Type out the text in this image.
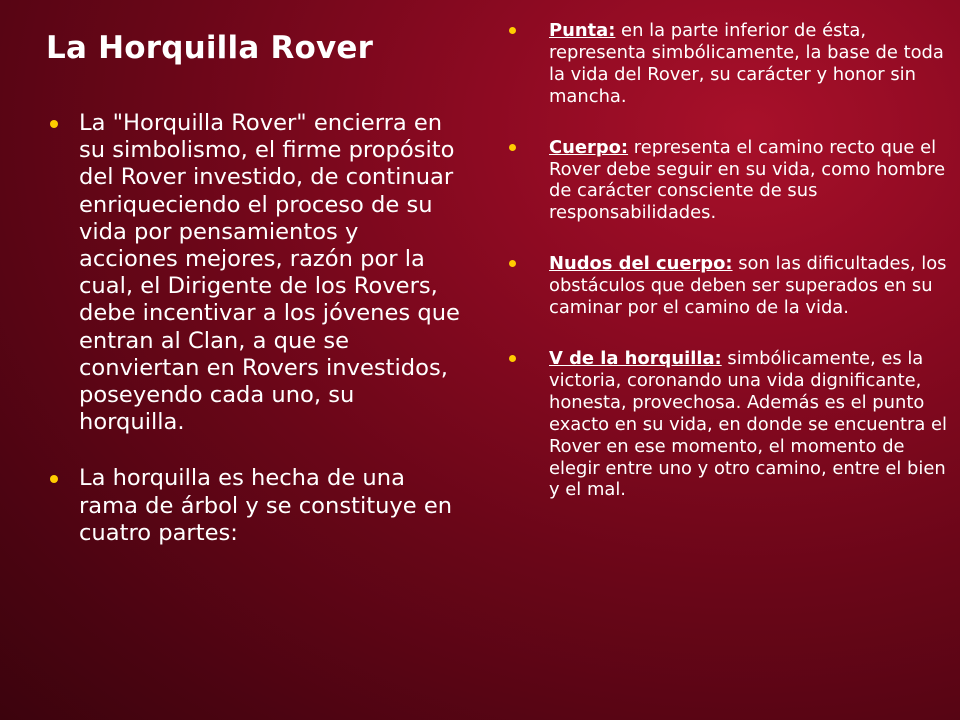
La Horquilla Rover
La "Horquilla Rover" encierra en su simbolismo, el firme propósito del Rover investido, de continuar enriqueciendo el proceso de su vida por pensamientos y acciones mejores, razón por la cual, el Dirigente de los Rovers, debe incentivar a los jóvenes que entran al Clan, a que se conviertan en Rovers investidos, poseyendo cada uno, su horquilla.
La horquilla es hecha de una rama de árbol y se constituye en cuatro partes:
Punta: en la parte inferior de ésta, representa simbólicamente, la base de toda la vida del Rover, su carácter y honor sin mancha.
Cuerpo: representa el camino recto que el Rover debe seguir en su vida, como hombre de carácter consciente de sus responsabilidades.
Nudos del cuerpo: son las dificultades, los obstáculos que deben ser superados en su caminar por el camino de la vida.
V de la horquilla: simbólicamente, es la victoria, coronando una vida dignificante, honesta, provechosa. Además es el punto exacto en su vida, en donde se encuentra el Rover en ese momento, el momento de elegir entre uno y otro camino, entre el bien y el mal.
